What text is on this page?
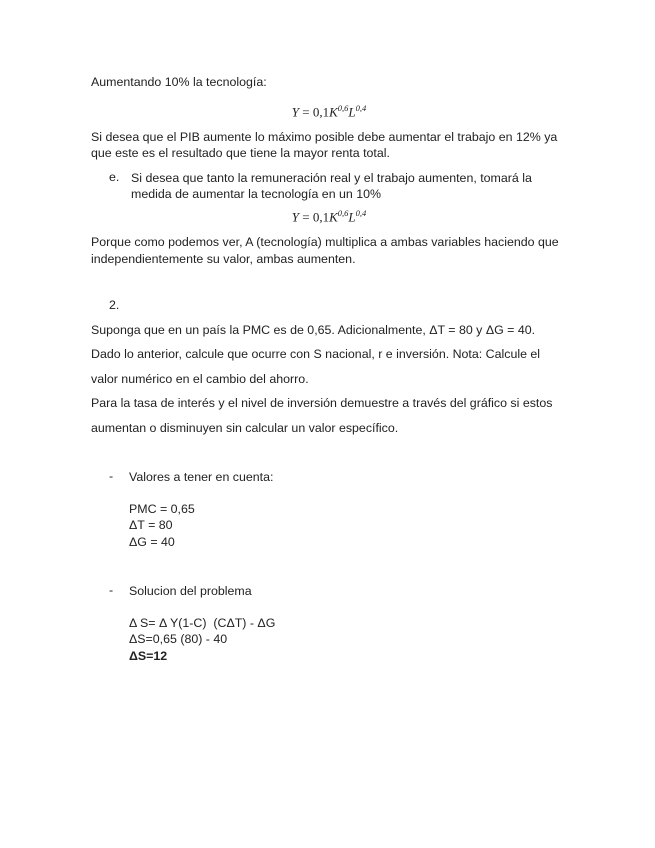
Aumentando 10% la tecnología:

$Y = 0,1K^{0,6}L^{0,4}$

Si desea que el PIB aumente lo máximo posible debe aumentar el trabajo en 12% ya que este es el resultado que tiene la mayor renta total.

e. Si desea que tanto la remuneración real y el trabajo aumenten, tomará la medida de aumentar la tecnología en un 10%

$Y = 0,1K^{0,6}L^{0,4}$

Porque como podemos ver, A (tecnología) multiplica a ambas variables haciendo que independientemente su valor, ambas aumenten.

2.

Suponga que en un país la PMC es de 0,65. Adicionalmente, ΔT = 80 y ΔG = 40.

Dado lo anterior, calcule que ocurre con S nacional, r e inversión. Nota: Calcule el

valor numérico en el cambio del ahorro.

Para la tasa de interés y el nivel de inversión demuestre a través del gráfico si estos

aumentan o disminuyen sin calcular un valor específico.

-	Valores a tener en cuenta:

PMC = 0,65

ΔT = 80

ΔG = 40

-	Solucion del problema

Δ S= Δ Y(1-C)  (CΔT) - ΔG

ΔS=0,65 (80) - 40

ΔS=12
